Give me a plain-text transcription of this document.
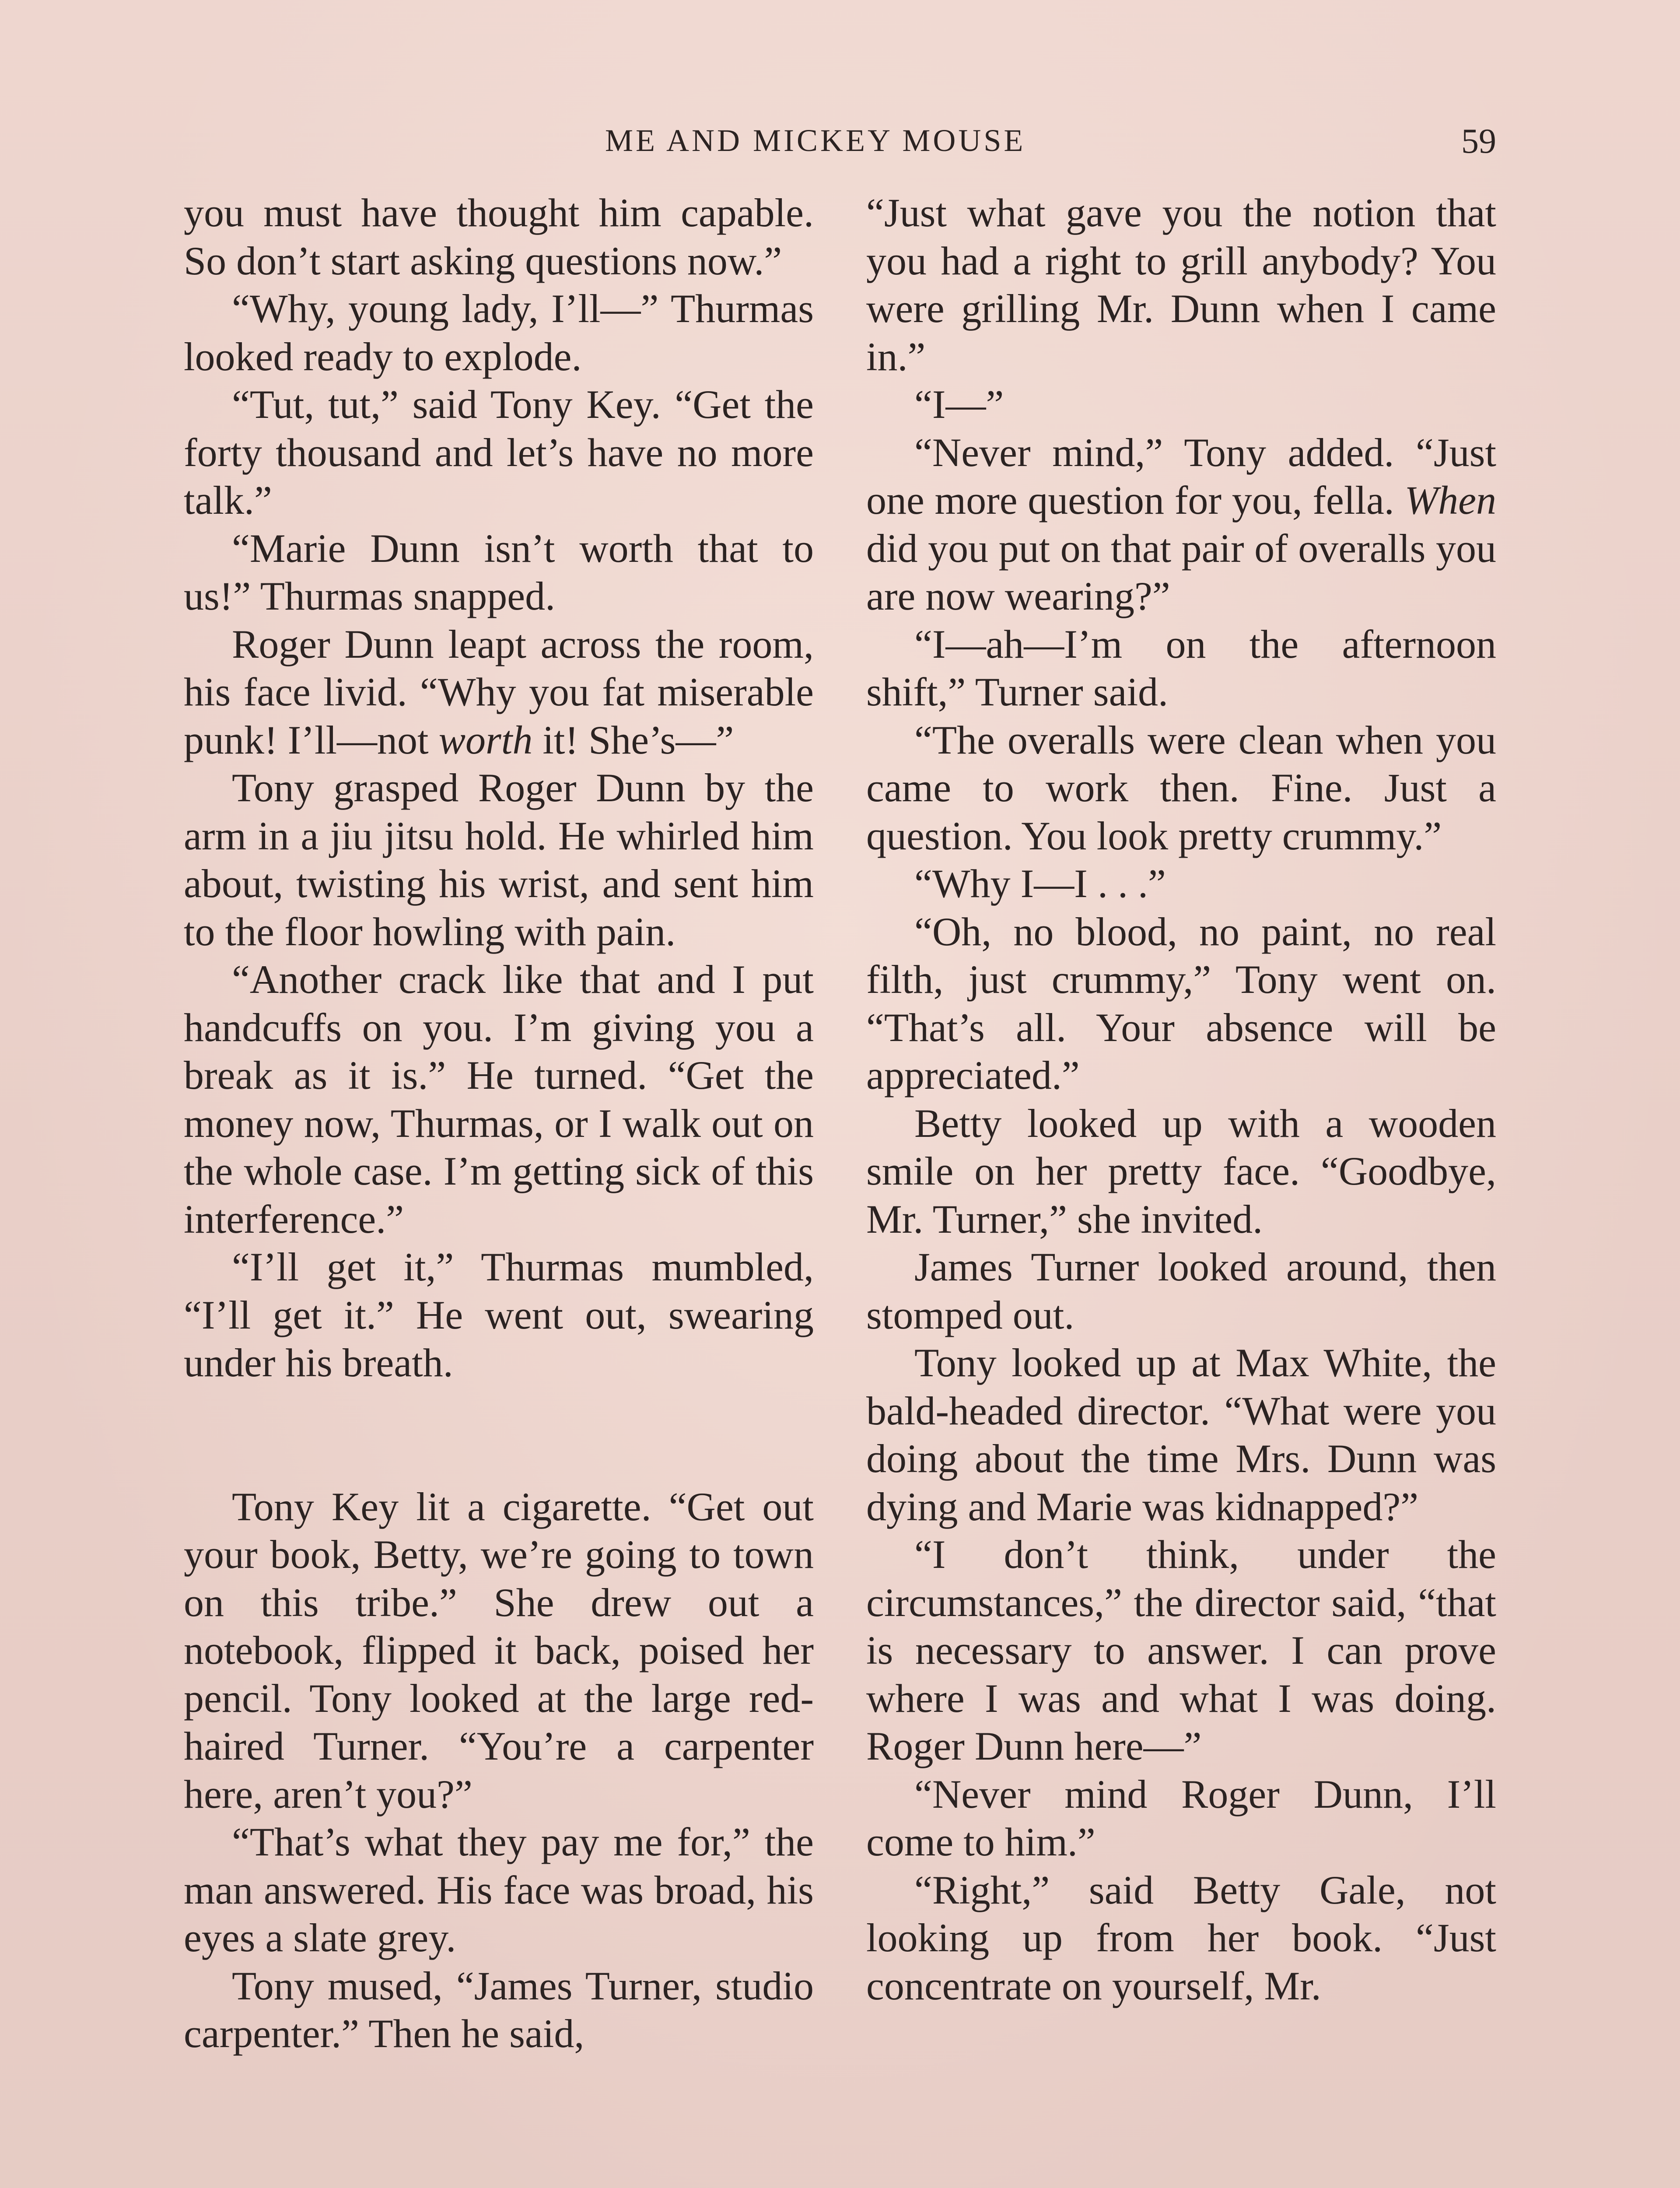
ME AND MICKEY MOUSE	59

you must have thought him capable. So don’t start asking questions now.”

“Why, young lady, I’ll—” Thurmas looked ready to explode.

“Tut, tut,” said Tony Key. “Get the forty thousand and let’s have no more talk.”

“Marie Dunn isn’t worth that to us!” Thurmas snapped.

Roger Dunn leapt across the room, his face livid. “Why you fat miserable punk! I’ll—not worth it! She’s—”

Tony grasped Roger Dunn by the arm in a jiu jitsu hold. He whirled him about, twisting his wrist, and sent him to the floor howling with pain.

“Another crack like that and I put handcuffs on you. I’m giving you a break as it is.” He turned. “Get the money now, Thurmas, or I walk out on the whole case. I’m getting sick of this interference.”

“I’ll get it,” Thurmas mumbled, “I’ll get it.” He went out, swearing under his breath.

Tony Key lit a cigarette. “Get out your book, Betty, we’re going to town on this tribe.” She drew out a notebook, flipped it back, poised her pencil. Tony looked at the large red-haired Turner. “You’re a carpenter here, aren’t you?”

“That’s what they pay me for,” the man answered. His face was broad, his eyes a slate grey.

Tony mused, “James Turner, studio carpenter.” Then he said,

“Just what gave you the notion that you had a right to grill anybody? You were grilling Mr. Dunn when I came in.”

“I—”

“Never mind,” Tony added. “Just one more question for you, fella. When did you put on that pair of overalls you are now wearing?”

“I—ah—I’m on the afternoon shift,” Turner said.

“The overalls were clean when you came to work then. Fine. Just a question. You look pretty crummy.”

“Why I—I . . .”

“Oh, no blood, no paint, no real filth, just crummy,” Tony went on. “That’s all. Your absence will be appreciated.”

Betty looked up with a wooden smile on her pretty face. “Goodbye, Mr. Turner,” she invited.

James Turner looked around, then stomped out.

Tony looked up at Max White, the bald-headed director. “What were you doing about the time Mrs. Dunn was dying and Marie was kidnapped?”

“I don’t think, under the circumstances,” the director said, “that is necessary to answer. I can prove where I was and what I was doing. Roger Dunn here—”

“Never mind Roger Dunn, I’ll come to him.”

“Right,” said Betty Gale, not looking up from her book. “Just concentrate on yourself, Mr.
